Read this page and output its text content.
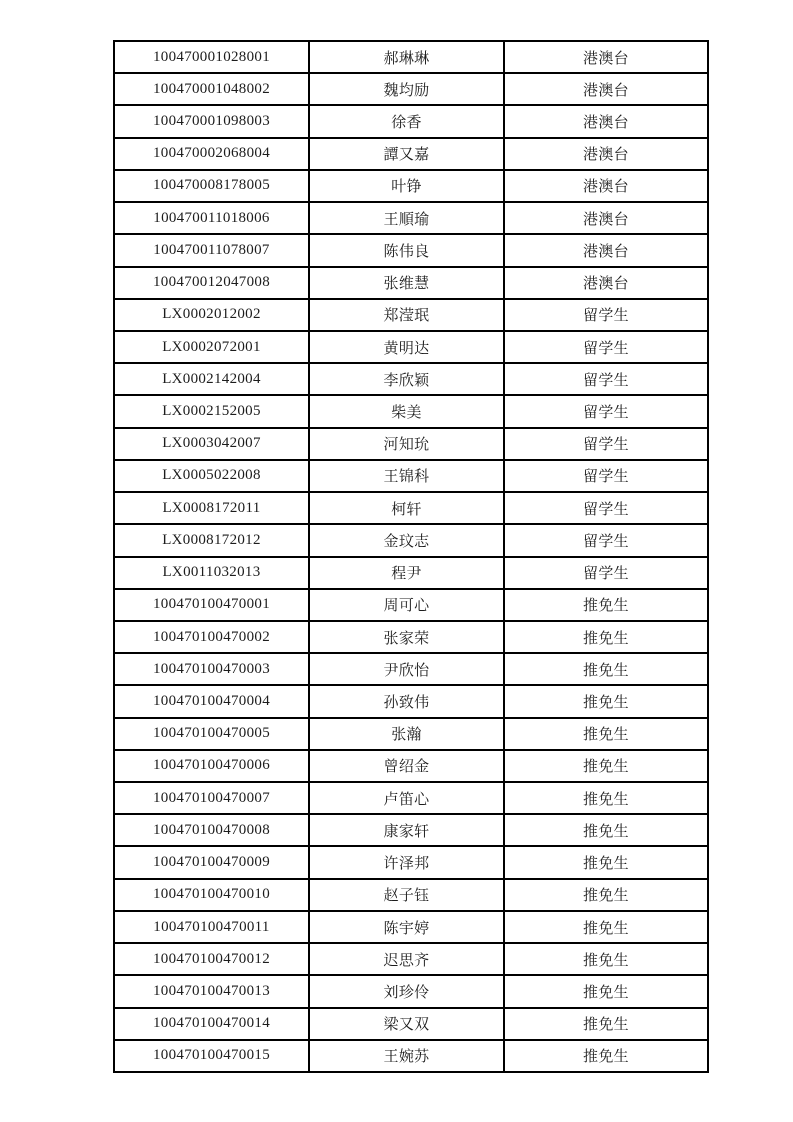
100470001028001	郝琳琳	港澳台
100470001048002	魏均励	港澳台
100470001098003	徐香	港澳台
100470002068004	譚又嘉	港澳台
100470008178005	叶铮	港澳台
100470011018006	王順瑜	港澳台
100470011078007	陈伟良	港澳台
100470012047008	张维慧	港澳台
LX0002012002	郑滢珉	留学生
LX0002072001	黄明达	留学生
LX0002142004	李欣颖	留学生
LX0002152005	柴美	留学生
LX0003042007	河知玧	留学生
LX0005022008	王锦科	留学生
LX0008172011	柯轩	留学生
LX0008172012	金玟志	留学生
LX0011032013	程尹	留学生
100470100470001	周可心	推免生
100470100470002	张家荣	推免生
100470100470003	尹欣怡	推免生
100470100470004	孙致伟	推免生
100470100470005	张瀚	推免生
100470100470006	曾绍金	推免生
100470100470007	卢笛心	推免生
100470100470008	康家轩	推免生
100470100470009	许泽邦	推免生
100470100470010	赵子钰	推免生
100470100470011	陈宇婷	推免生
100470100470012	迟思齐	推免生
100470100470013	刘珍伶	推免生
100470100470014	梁又双	推免生
100470100470015	王婉苏	推免生
